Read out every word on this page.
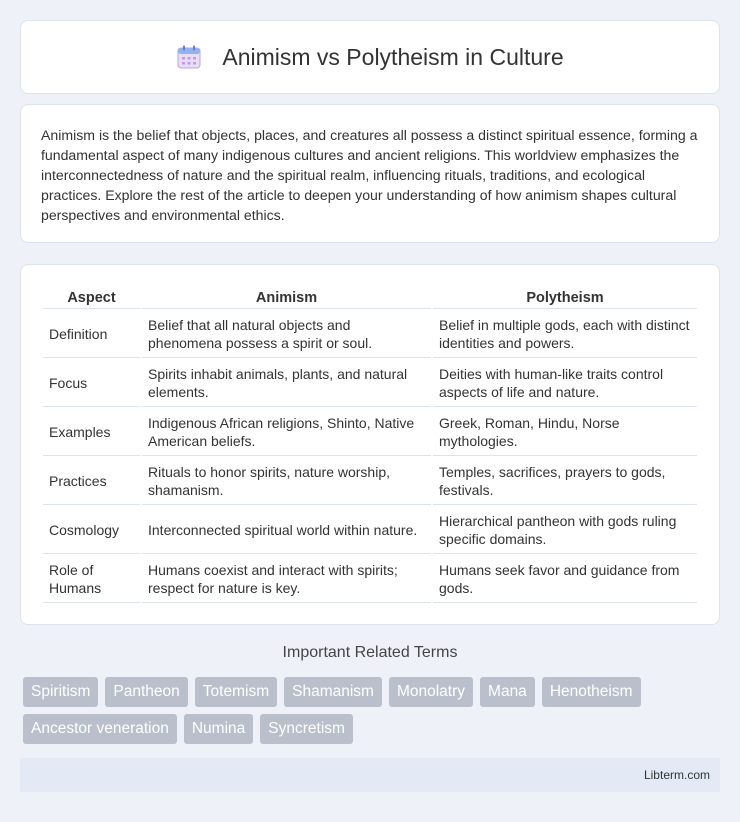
Animism vs Polytheism in Culture

Animism is the belief that objects, places, and creatures all possess a distinct spiritual essence, forming a fundamental aspect of many indigenous cultures and ancient religions. This worldview emphasizes the interconnectedness of nature and the spiritual realm, influencing rituals, traditions, and ecological practices. Explore the rest of the article to deepen your understanding of how animism shapes cultural perspectives and environmental ethics.

Aspect	Animism	Polytheism
Definition	Belief that all natural objects and phenomena possess a spirit or soul.	Belief in multiple gods, each with distinct identities and powers.
Focus	Spirits inhabit animals, plants, and natural elements.	Deities with human-like traits control aspects of life and nature.
Examples	Indigenous African religions, Shinto, Native American beliefs.	Greek, Roman, Hindu, Norse mythologies.
Practices	Rituals to honor spirits, nature worship, shamanism.	Temples, sacrifices, prayers to gods, festivals.
Cosmology	Interconnected spiritual world within nature.	Hierarchical pantheon with gods ruling specific domains.
Role of Humans	Humans coexist and interact with spirits; respect for nature is key.	Humans seek favor and guidance from gods.
Important Related Terms
Spiritism	Pantheon	Totemism	Shamanism	Monolatry	Mana	Henotheism
Ancestor veneration	Numina	Syncretism
Libterm.com
